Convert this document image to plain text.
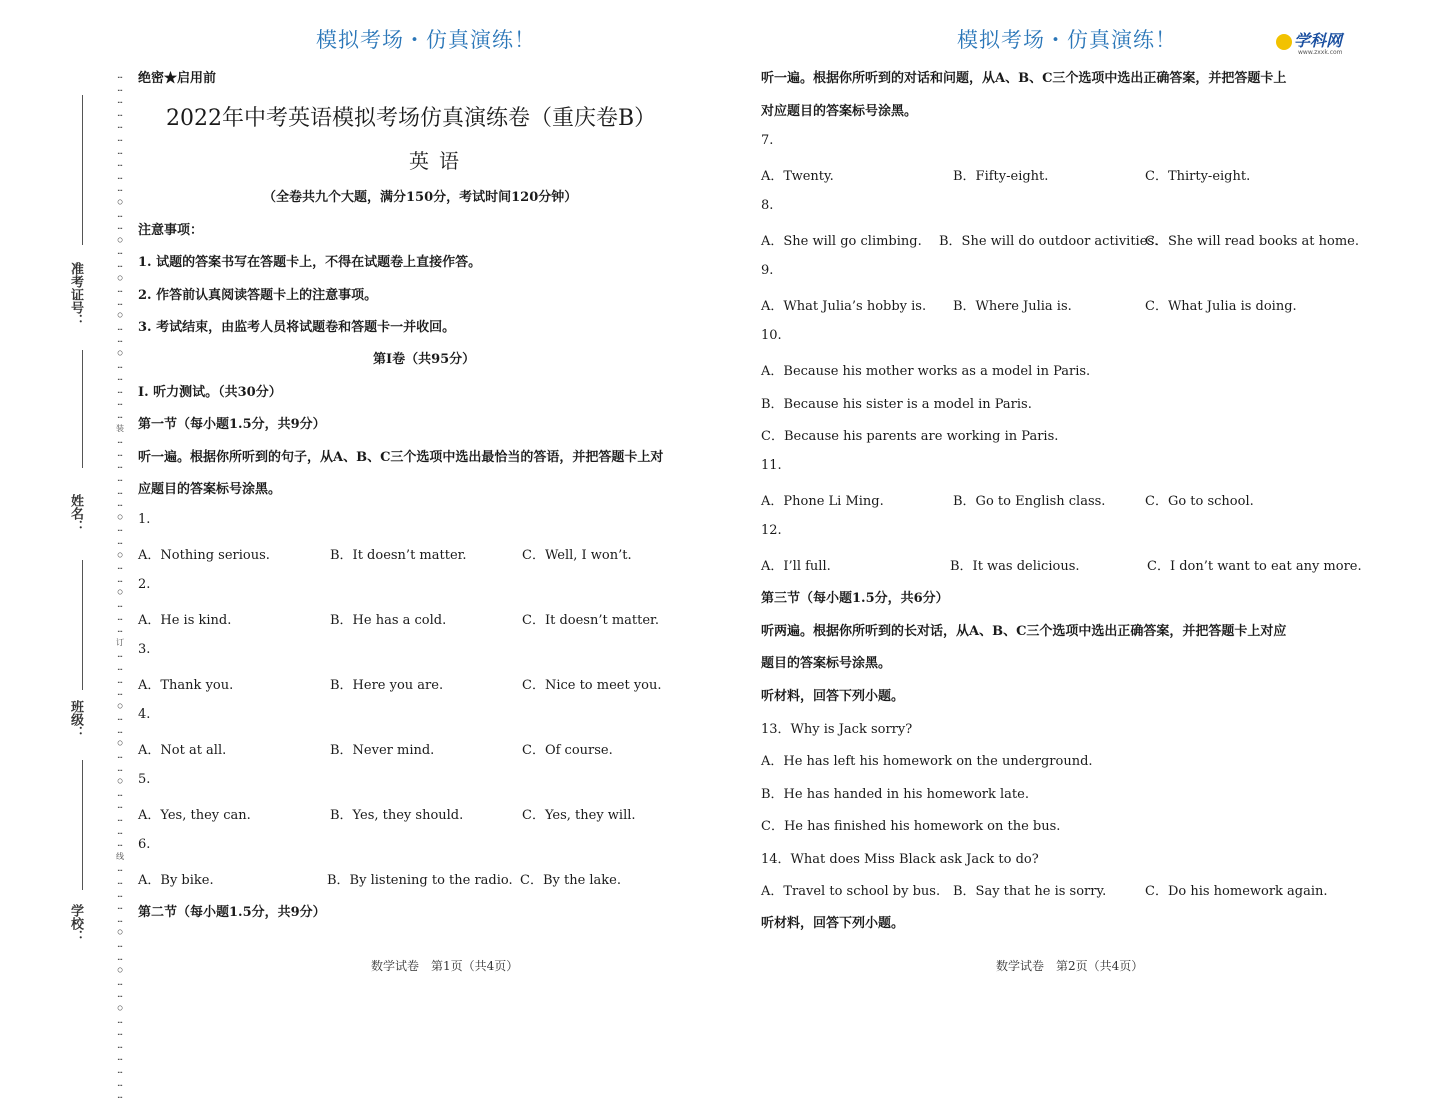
模拟考场・仿真演练！	模拟考场・仿真演练！	学科网
www.zxxk.com
准考证号：
姓名：
班级：
学校：
…
…
…
…
…
…
…
…
…
…
○
…
…
○
…
…
○
…
…
○
…
…
○
…
…
…
…
…
装
…
…
…
…
…
…
○
…
…
○
…
…
○
…
…
…
订
…
…
…
…
○
…
…
○
…
…
○
…
…
…
…
…
线
…
…
…
…
…
○
…
…
○
…
…
○
…
…
…
…
…
…
…
绝密★启用前
2022年中考英语模拟考场仿真演练卷（重庆卷B）
英语
（全卷共九个大题，满分150分，考试时间120分钟）
注意事项：
1. 试题的答案书写在答题卡上，不得在试题卷上直接作答。
2. 作答前认真阅读答题卡上的注意事项。
3. 考试结束，由监考人员将试题卷和答题卡一并收回。
第I卷（共95分）
I. 听力测试。（共30分）
第一节（每小题1.5分，共9分）
听一遍。根据你所听到的句子，从A、B、C三个选项中选出最恰当的答语，并把答题卡上对
应题目的答案标号涂黑。
1.
A．Nothing serious.	B．It doesn’t matter.	C．Well, I won’t.
2.
A．He is kind.	B．He has a cold.	C．It doesn’t matter.
3.
A．Thank you.	B．Here you are.	C．Nice to meet you.
4.
A．Not at all.	B．Never mind.	C．Of course.
5.
A．Yes, they can.	B．Yes, they should.	C．Yes, they will.
6.
A．By bike.	B．By listening to the radio. C．By the lake.
第二节（每小题1.5分，共9分）
数学试卷　第1页（共4页）
听一遍。根据你所听到的对话和问题，从A、B、C三个选项中选出正确答案，并把答题卡上
对应题目的答案标号涂黑。
7.
A．Twenty.	B．Fifty-eight.	C．Thirty-eight.
8.
A．She will go climbing. B．She will do outdoor activities.
C．She will read books at home.
9.
A．What Julia’s hobby is. B．Where Julia is.	C．What Julia is doing.
10.
A．Because his mother works as a model in Paris.
B．Because his sister is a model in Paris.
C．Because his parents are working in Paris.
11.
A．Phone Li Ming.	B．Go to English class.	C．Go to school.
12.
A．I’ll full.	B．It was delicious.	C．I don’t want to eat any more.
第三节（每小题1.5分，共6分）
听两遍。根据你所听到的长对话，从A、B、C三个选项中选出正确答案，并把答题卡上对应
题目的答案标号涂黑。
听材料，回答下列小题。
13．Why is Jack sorry?
A．He has left his homework on the underground.
B．He has handed in his homework late.
C．He has finished his homework on the bus.
14．What does Miss Black ask Jack to do?
A．Travel to school by bus. B．Say that he is sorry.	C．Do his homework again.
听材料，回答下列小题。
数学试卷　第2页（共4页）
